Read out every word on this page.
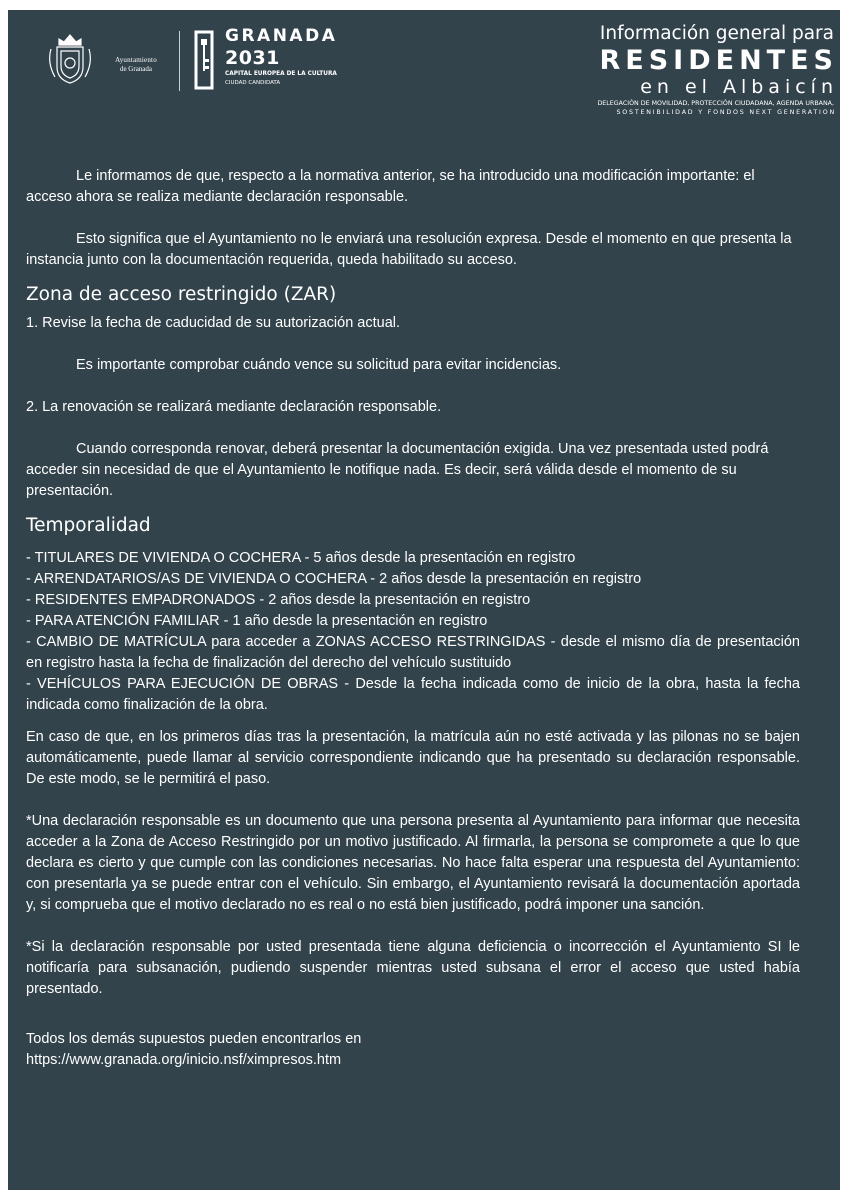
Ayuntamiento
de Granada
GRANADA
2031
CAPITAL EUROPEA DE LA CULTURA
CIUDAD CANDIDATA
Información general para
RESIDENTES
en el Albaicín
DELEGACIÓN DE MOVILIDAD, PROTECCIÓN CIUDADANA, AGENDA URBANA,
SOSTENIBILIDAD Y FONDOS NEXT GENERATION

Le informamos de que, respecto a la normativa anterior, se ha introducido una modificación importante: el acceso ahora se realiza mediante declaración responsable.

Esto significa que el Ayuntamiento no le enviará una resolución expresa. Desde el momento en que presenta la instancia junto con la documentación requerida, queda habilitado su acceso.

Zona de acceso restringido (ZAR)

1. Revise la fecha de caducidad de su autorización actual.

Es importante comprobar cuándo vence su solicitud para evitar incidencias.

2. La renovación se realizará mediante declaración responsable.

Cuando corresponda renovar, deberá presentar la documentación exigida. Una vez presentada usted podrá acceder sin necesidad de que el Ayuntamiento le notifique nada. Es decir, será válida desde el momento de su presentación.

Temporalidad
- TITULARES DE VIVIENDA O COCHERA - 5 años desde la presentación en registro
- ARRENDATARIOS/AS DE VIVIENDA O COCHERA - 2 años desde la presentación en registro
- RESIDENTES EMPADRONADOS - 2 años desde la presentación en registro
- PARA ATENCIÓN FAMILIAR - 1 año desde la presentación en registro
- CAMBIO DE MATRÍCULA para acceder a ZONAS ACCESO RESTRINGIDAS - desde el mismo día de presentación en registro hasta la fecha de finalización del derecho del vehículo sustituido
- VEHÍCULOS PARA EJECUCIÓN DE OBRAS - Desde la fecha indicada como de inicio de la obra, hasta la fecha indicada como finalización de la obra.

En caso de que, en los primeros días tras la presentación, la matrícula aún no esté activada y las pilonas no se bajen automáticamente, puede llamar al servicio correspondiente indicando que ha presentado su declaración responsable. De este modo, se le permitirá el paso.

*Una declaración responsable es un documento que una persona presenta al Ayuntamiento para informar que necesita acceder a la Zona de Acceso Restringido por un motivo justificado. Al firmarla, la persona se compromete a que lo que declara es cierto y que cumple con las condiciones necesarias. No hace falta esperar una respuesta del Ayuntamiento: con presentarla ya se puede entrar con el vehículo. Sin embargo, el Ayuntamiento revisará la documentación aportada y, si comprueba que el motivo declarado no es real o no está bien justificado, podrá imponer una sanción.

*Si la declaración responsable por usted presentada tiene alguna deficiencia o incorrección el Ayuntamiento SI le notificaría para subsanación, pudiendo suspender mientras usted subsana el error el acceso que usted había presentado.

Todos los demás supuestos pueden encontrarlos en

https://www.granada.org/inicio.nsf/ximpresos.htm
